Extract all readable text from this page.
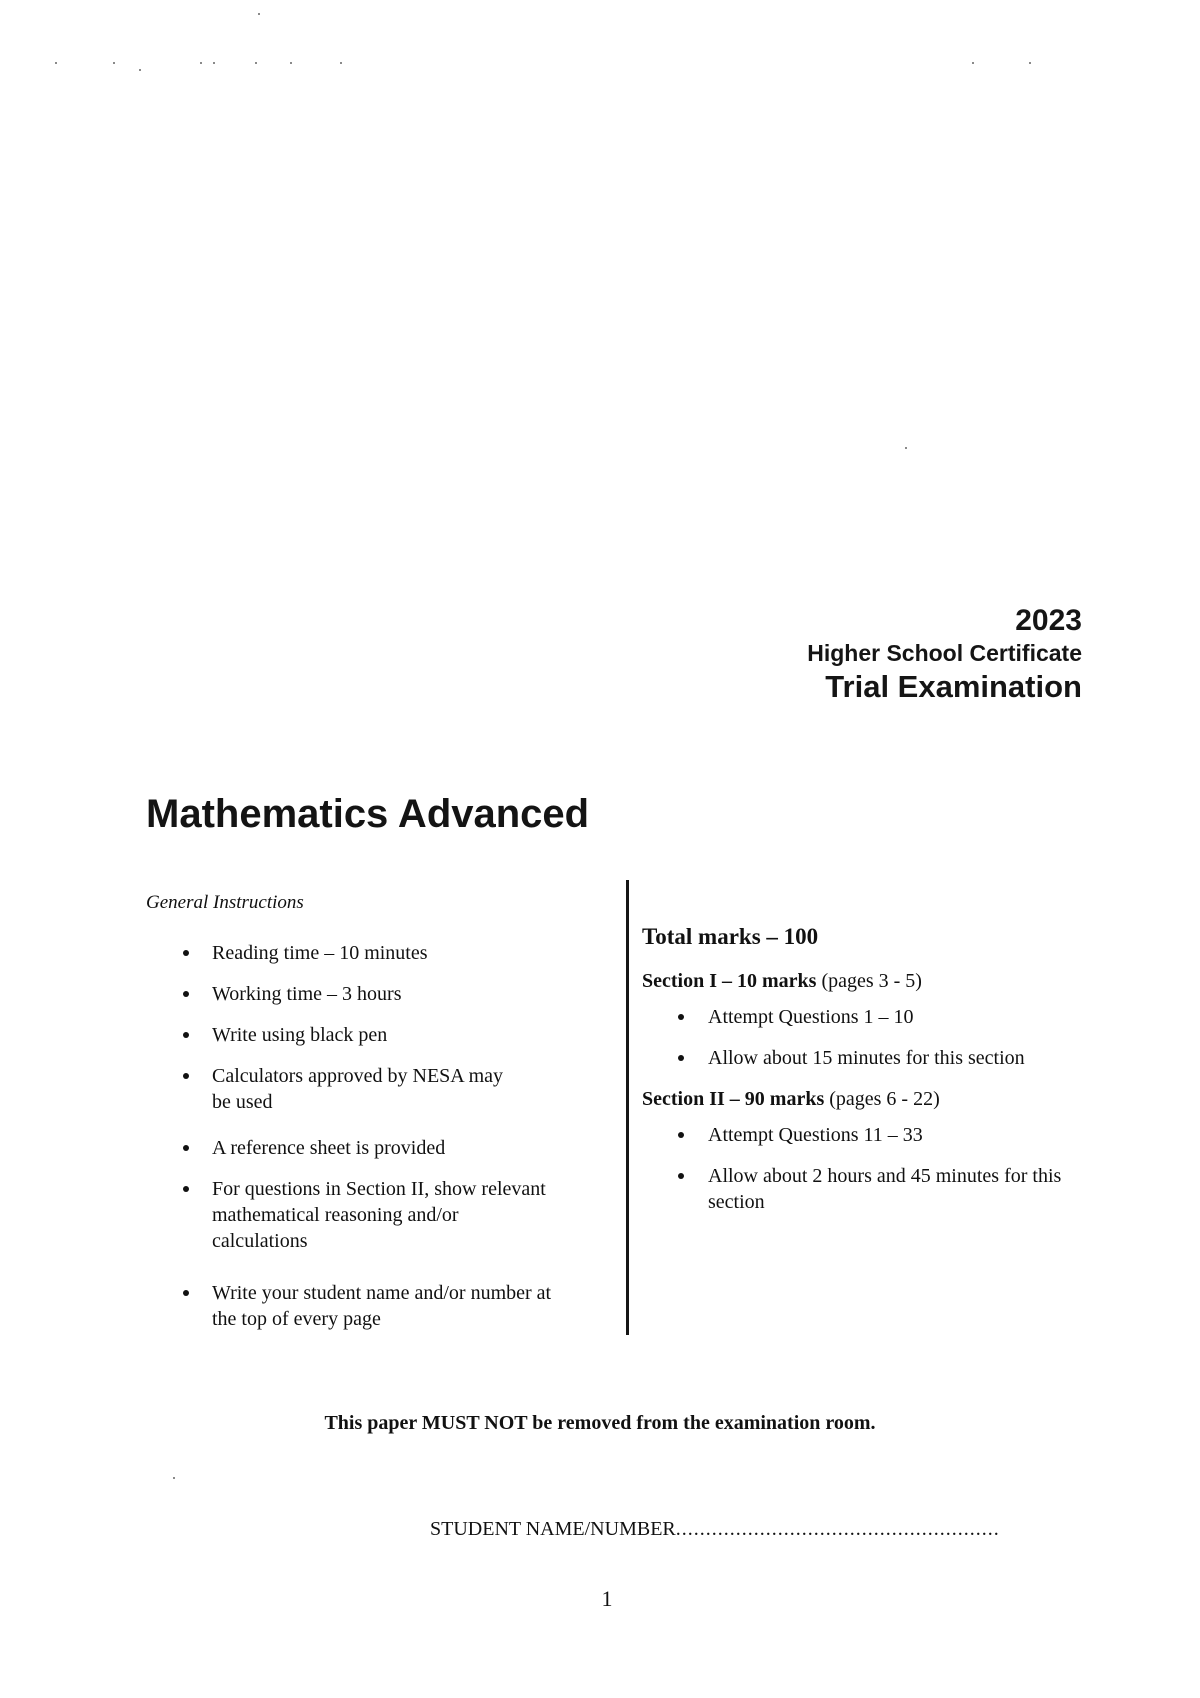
2023
Higher School Certificate
Trial Examination
Mathematics Advanced
General Instructions
Reading time – 10 minutes
Working time – 3 hours
Write using black pen
Calculators approved by NESA may be used
A reference sheet is provided
For questions in Section II, show relevant mathematical reasoning and/or calculations
Write your student name and/or number at the top of every page
Total marks – 100
Section I – 10 marks (pages 3 - 5)
Attempt Questions 1 – 10
Allow about 15 minutes for this section
Section II – 90 marks (pages 6 - 22)
Attempt Questions 11 – 33
Allow about 2 hours and 45 minutes for this section
This paper MUST NOT be removed from the examination room.
STUDENT NAME/NUMBER......................................................
1
